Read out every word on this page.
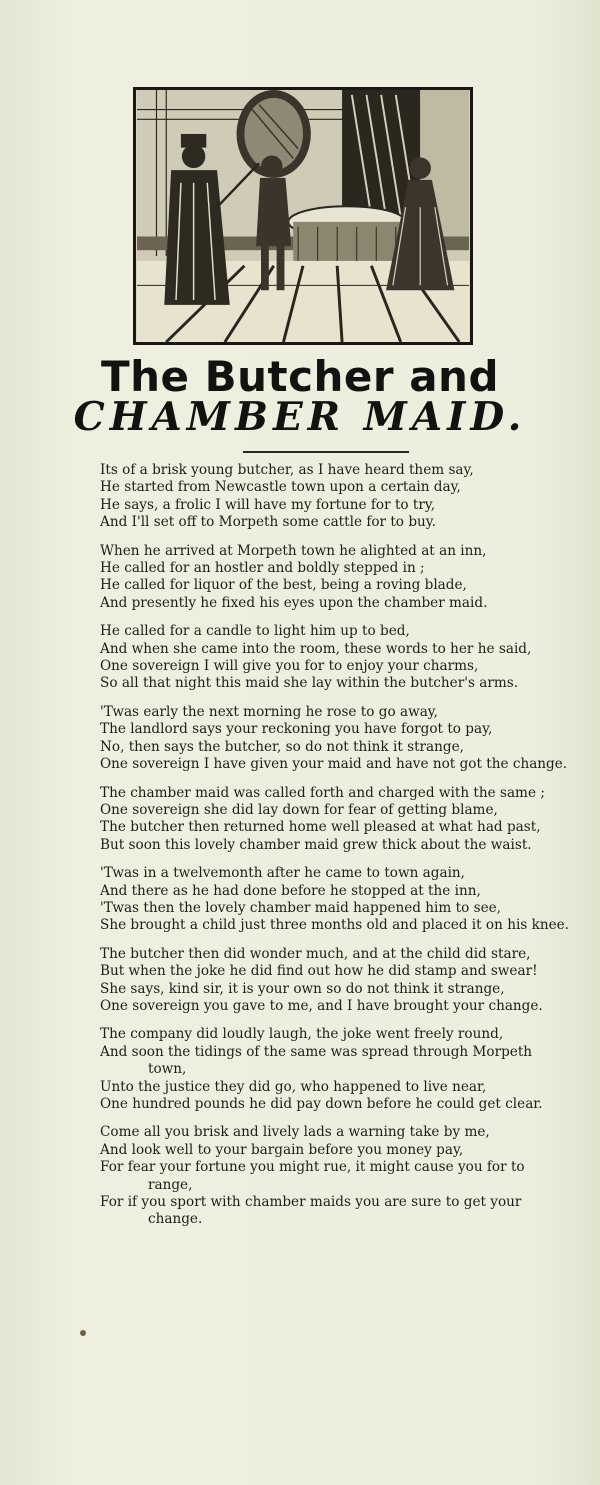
The Butcher and
CHAMBER MAID.
Its of a brisk young butcher, as I have heard them say,
He started from Newcastle town upon a certain day,
He says, a frolic I will have my fortune for to try,
And I'll set off to Morpeth some cattle for to buy.
When he arrived at Morpeth town he alighted at an inn,
He called for an hostler and boldly stepped in ;
He called for liquor of the best, being a roving blade,
And presently he fixed his eyes upon the chamber maid.
He called for a candle to light him up to bed,
And when she came into the room, these words to her he said,
One sovereign I will give you for to enjoy your charms,
So all that night this maid she lay within the butcher's arms.
'Twas early the next morning he rose to go away,
The landlord says your reckoning you have forgot to pay,
No, then says the butcher, so do not think it strange,
One sovereign I have given your maid and have not got the change.
The chamber maid was called forth and charged with the same ;
One sovereign she did lay down for fear of getting blame,
The butcher then returned home well pleased at what had past,
But soon this lovely chamber maid grew thick about the waist.
'Twas in a twelvemonth after he came to town again,
And there as he had done before he stopped at the inn,
'Twas then the lovely chamber maid happened him to see,
She brought a child just three months old and placed it on his knee.
The butcher then did wonder much, and at the child did stare,
But when the joke he did find out how he did stamp and swear!
She says, kind sir, it is your own so do not think it strange,
One sovereign you gave to me, and I have brought your change.
The company did loudly laugh, the joke went freely round,
And soon the tidings of the same was spread through Morpeth town,
Unto the justice they did go, who happened to live near,
One hundred pounds he did pay down before he could get clear.
Come all you brisk and lively lads a warning take by me,
And look well to your bargain before you money pay,
For fear your fortune you might rue, it might cause you for to range,
For if you sport with chamber maids you are sure to get your change.
